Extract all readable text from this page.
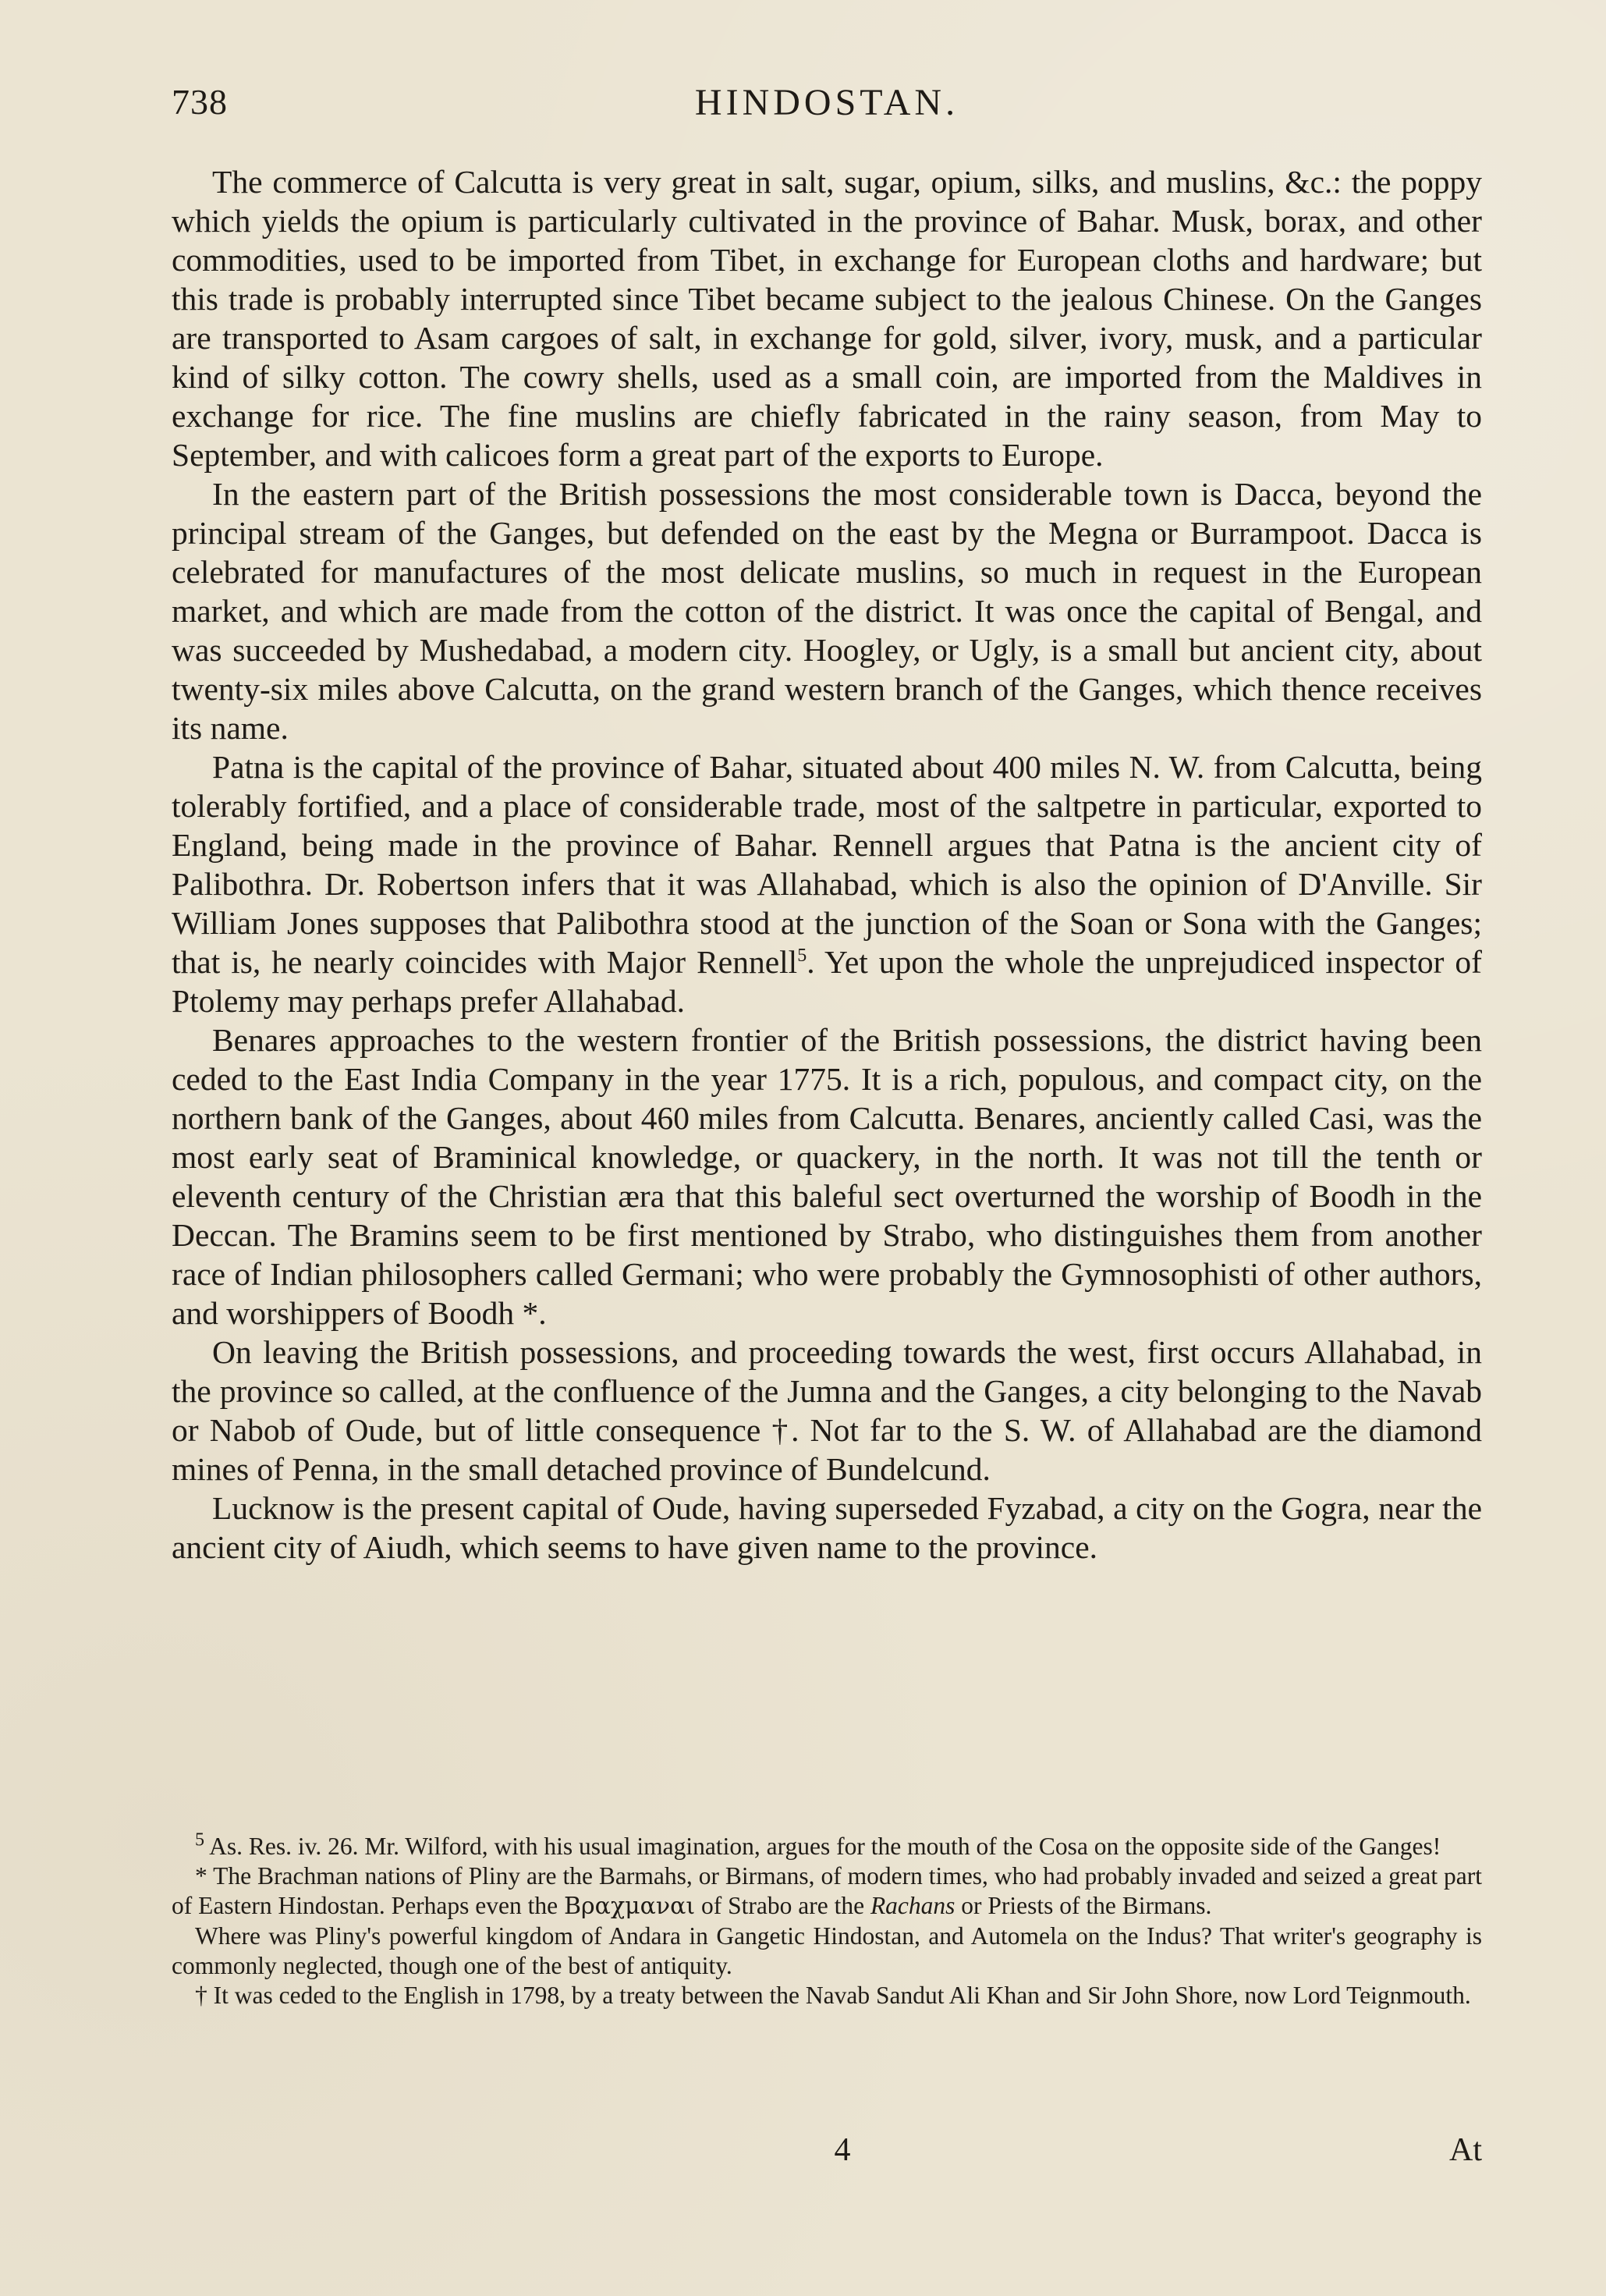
738	HINDOSTAN.

The commerce of Calcutta is very great in salt, sugar, opium, silks, and muslins, &c.: the poppy which yields the opium is particularly cultivated in the province of Bahar. Musk, borax, and other commodities, used to be imported from Tibet, in exchange for European cloths and hardware; but this trade is probably interrupted since Tibet became subject to the jealous Chinese. On the Ganges are transported to Asam cargoes of salt, in exchange for gold, silver, ivory, musk, and a particular kind of silky cotton. The cowry shells, used as a small coin, are imported from the Maldives in exchange for rice. The fine muslins are chiefly fabricated in the rainy season, from May to September, and with calicoes form a great part of the exports to Europe.

In the eastern part of the British possessions the most considerable town is Dacca, beyond the principal stream of the Ganges, but defended on the east by the Megna or Burrampoot. Dacca is celebrated for manufactures of the most delicate muslins, so much in request in the European market, and which are made from the cotton of the district. It was once the capital of Bengal, and was succeeded by Mushedabad, a modern city. Hoogley, or Ugly, is a small but ancient city, about twenty-six miles above Calcutta, on the grand western branch of the Ganges, which thence receives its name.

Patna is the capital of the province of Bahar, situated about 400 miles N. W. from Calcutta, being tolerably fortified, and a place of considerable trade, most of the saltpetre in particular, exported to England, being made in the province of Bahar. Rennell argues that Patna is the ancient city of Palibothra. Dr. Robertson infers that it was Allahabad, which is also the opinion of D'Anville. Sir William Jones supposes that Palibothra stood at the junction of the Soan or Sona with the Ganges; that is, he nearly coincides with Major Rennell$^5$. Yet upon the whole the unprejudiced inspector of Ptolemy may perhaps prefer Allahabad.

Benares approaches to the western frontier of the British possessions, the district having been ceded to the East India Company in the year 1775. It is a rich, populous, and compact city, on the northern bank of the Ganges, about 460 miles from Calcutta. Benares, anciently called Casi, was the most early seat of Braminical knowledge, or quackery, in the north. It was not till the tenth or eleventh century of the Christian æra that this baleful sect overturned the worship of Boodh in the Deccan. The Bramins seem to be first mentioned by Strabo, who distinguishes them from another race of Indian philosophers called Germani; who were probably the Gymnosophisti of other authors, and worshippers of Boodh *.

On leaving the British possessions, and proceeding towards the west, first occurs Allahabad, in the province so called, at the confluence of the Jumna and the Ganges, a city belonging to the Navab or Nabob of Oude, but of little consequence †. Not far to the S. W. of Allahabad are the diamond mines of Penna, in the small detached province of Bundelcund.

Lucknow is the present capital of Oude, having superseded Fyzabad, a city on the Gogra, near the ancient city of Aiudh, which seems to have given name to the province.

$^5$ As. Res. iv. 26. Mr. Wilford, with his usual imagination, argues for the mouth of the Cosa on the opposite side of the Ganges!

* The Brachman nations of Pliny are the Barmahs, or Birmans, of modern times, who had probably invaded and seized a great part of Eastern Hindostan. Perhaps even the Βραχμαναι of Strabo are the Rachans or Priests of the Birmans.

Where was Pliny's powerful kingdom of Andara in Gangetic Hindostan, and Automela on the Indus? That writer's geography is commonly neglected, though one of the best of antiquity.

† It was ceded to the English in 1798, by a treaty between the Navab Sandut Ali Khan and Sir John Shore, now Lord Teignmouth.

4	At
